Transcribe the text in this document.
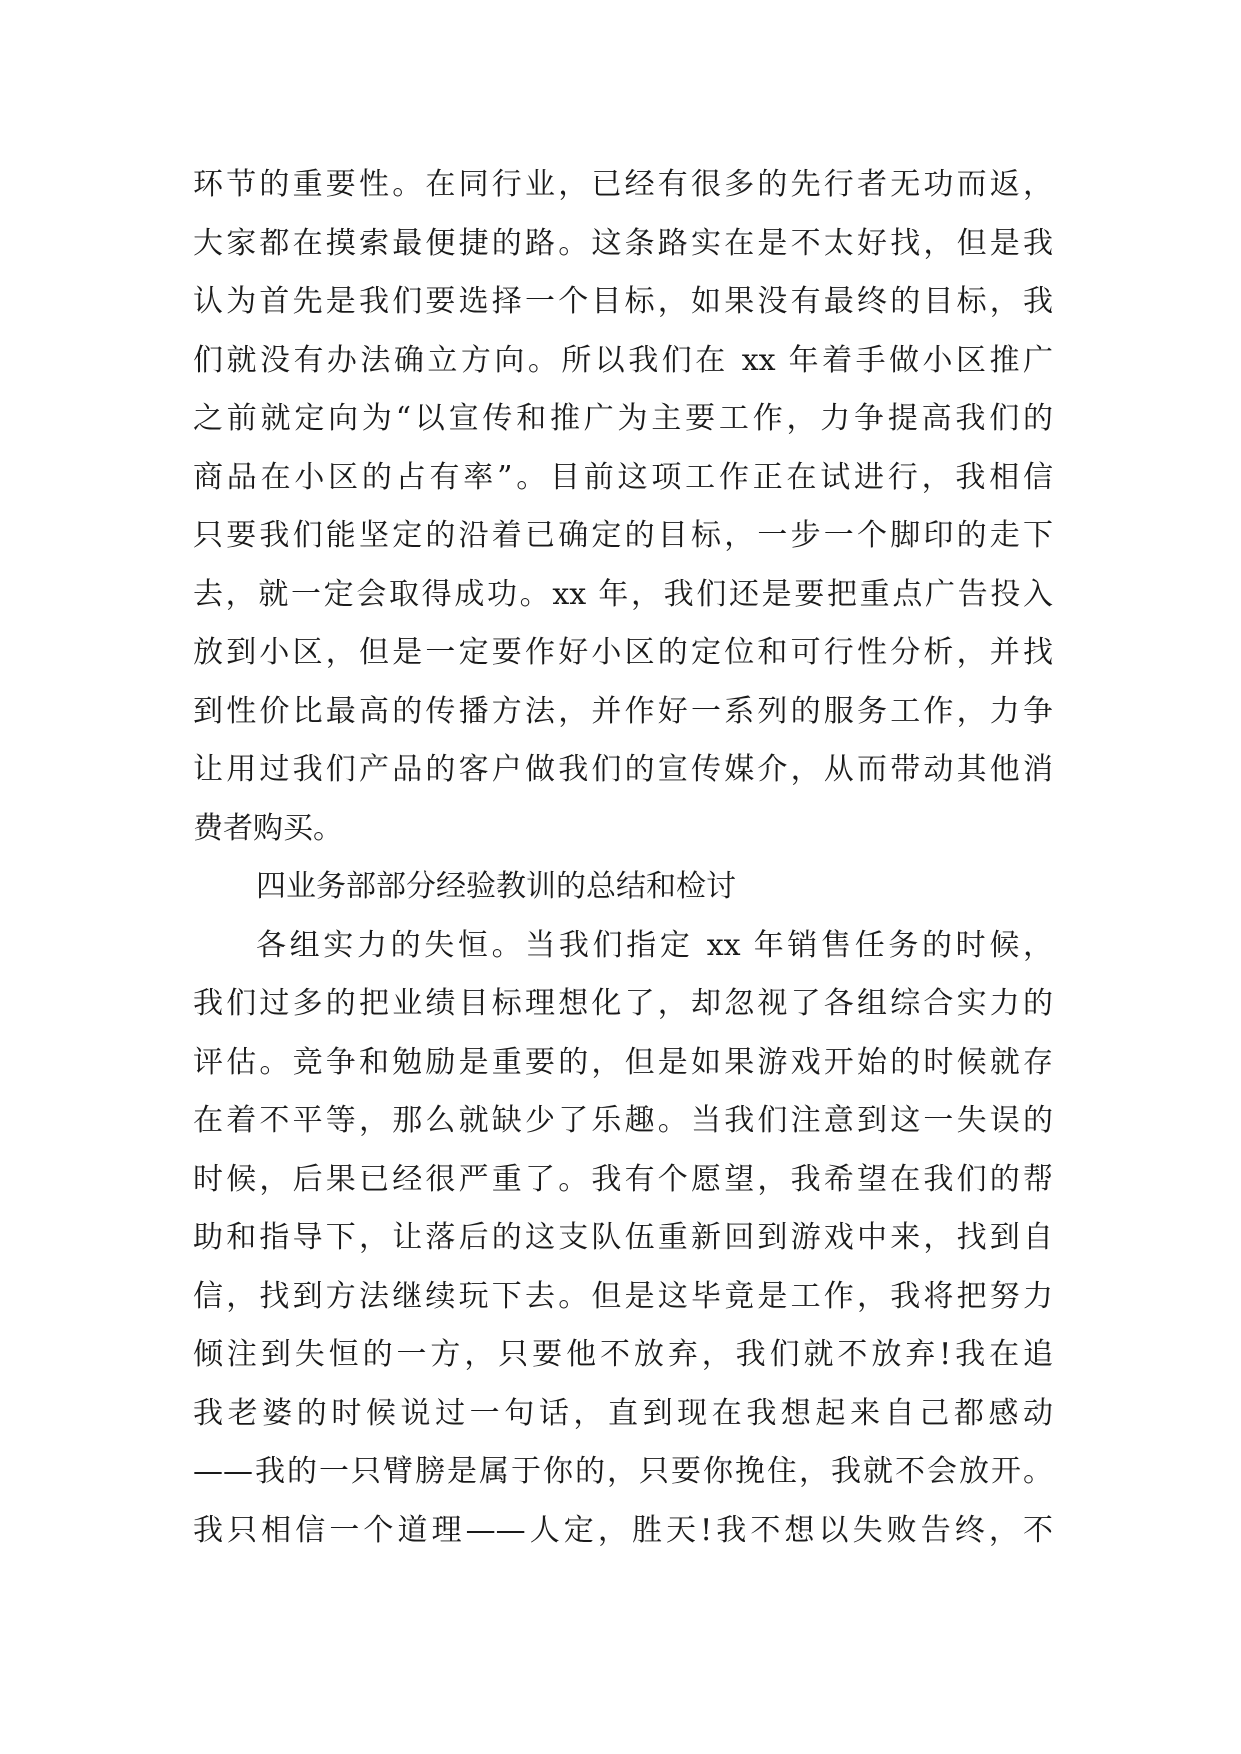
环节的重要性。在同行业，已经有很多的先行者无功而返，
大家都在摸索最便捷的路。这条路实在是不太好找，但是我
认为首先是我们要选择一个目标，如果没有最终的目标，我
们就没有办法确立方向。所以我们在 xx 年着手做小区推广
之前就定向为“以宣传和推广为主要工作，力争提高我们的
商品在小区的占有率”。目前这项工作正在试进行，我相信
只要我们能坚定的沿着已确定的目标，一步一个脚印的走下
去，就一定会取得成功。xx 年，我们还是要把重点广告投入
放到小区，但是一定要作好小区的定位和可行性分析，并找
到性价比最高的传播方法，并作好一系列的服务工作，力争
让用过我们产品的客户做我们的宣传媒介，从而带动其他消
费者购买。
四业务部部分经验教训的总结和检讨
各组实力的失恒。当我们指定 xx 年销售任务的时候，
我们过多的把业绩目标理想化了，却忽视了各组综合实力的
评估。竞争和勉励是重要的，但是如果游戏开始的时候就存
在着不平等，那么就缺少了乐趣。当我们注意到这一失误的
时候，后果已经很严重了。我有个愿望，我希望在我们的帮
助和指导下，让落后的这支队伍重新回到游戏中来，找到自
信，找到方法继续玩下去。但是这毕竟是工作，我将把努力
倾注到失恒的一方，只要他不放弃，我们就不放弃!我在追
我老婆的时候说过一句话，直到现在我想起来自己都感动
——我的一只臂膀是属于你的，只要你挽住，我就不会放开。
我只相信一个道理——人定，胜天!我不想以失败告终，不
